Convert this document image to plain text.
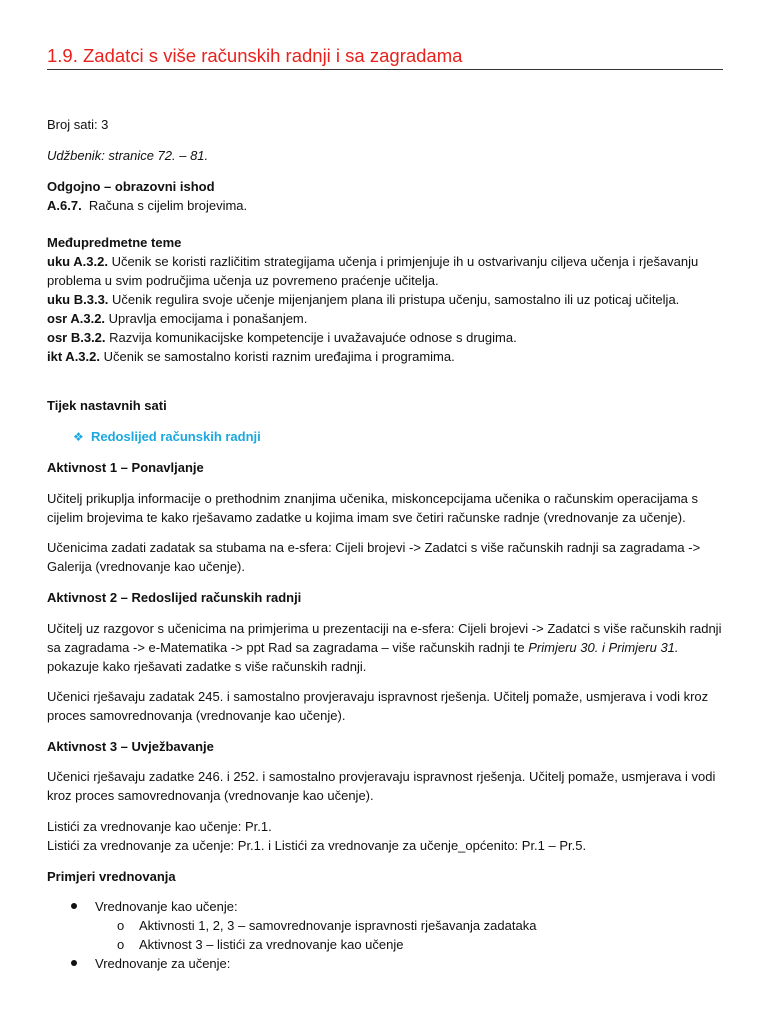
1.9. Zadatci s više računskih radnji i sa zagradama

Broj sati: 3

Udžbenik: stranice 72. – 81.

Odgojno – obrazovni ishod

A.6.7. Računa s cijelim brojevima.

Međupredmetne teme

uku A.3.2. Učenik se koristi različitim strategijama učenja i primjenjuje ih u ostvarivanju ciljeva učenja i rješavanju

problema u svim područjima učenja uz povremeno praćenje učitelja.

uku B.3.3. Učenik regulira svoje učenje mijenjanjem plana ili pristupa učenju, samostalno ili uz poticaj učitelja.

osr A.3.2. Upravlja emocijama i ponašanjem.

osr B.3.2. Razvija komunikacijske kompetencije i uvažavajuće odnose s drugima.

ikt A.3.2. Učenik se samostalno koristi raznim uređajima i programima.

Tijek nastavnih sati

❖ Redoslijed računskih radnji

Aktivnost 1 – Ponavljanje

Učitelj prikuplja informacije o prethodnim znanjima učenika, miskoncepcijama učenika o računskim operacijama s

cijelim brojevima te kako rješavamo zadatke u kojima imam sve četiri računske radnje (vrednovanje za učenje).

Učenicima zadati zadatak sa stubama na e-sfera: Cijeli brojevi -> Zadatci s više računskih radnji sa zagradama ->

Galerija (vrednovanje kao učenje).

Aktivnost 2 – Redoslijed računskih radnji

Učitelj uz razgovor s učenicima na primjerima u prezentaciji na e-sfera: Cijeli brojevi -> Zadatci s više računskih radnji

sa zagradama -> e-Matematika -> ppt Rad sa zagradama – više računskih radnji te Primjeru 30. i Primjeru 31.

pokazuje kako rješavati zadatke s više računskih radnji.

Učenici rješavaju zadatak 245. i samostalno provjeravaju ispravnost rješenja. Učitelj pomaže, usmjerava i vodi kroz

proces samovrednovanja (vrednovanje kao učenje).

Aktivnost 3 – Uvježbavanje

Učenici rješavaju zadatke 246. i 252. i samostalno provjeravaju ispravnost rješenja. Učitelj pomaže, usmjerava i vodi

kroz proces samovrednovanja (vrednovanje kao učenje).

Listići za vrednovanje kao učenje: Pr.1.

Listići za vrednovanje za učenje: Pr.1. i Listići za vrednovanje za učenje_općenito: Pr.1 – Pr.5.

Primjeri vrednovanja

Vrednovanje kao učenje:
o Aktivnosti 1, 2, 3 – samovrednovanje ispravnosti rješavanja zadataka
o Aktivnost 3 – listići za vrednovanje kao učenje
Vrednovanje za učenje:
